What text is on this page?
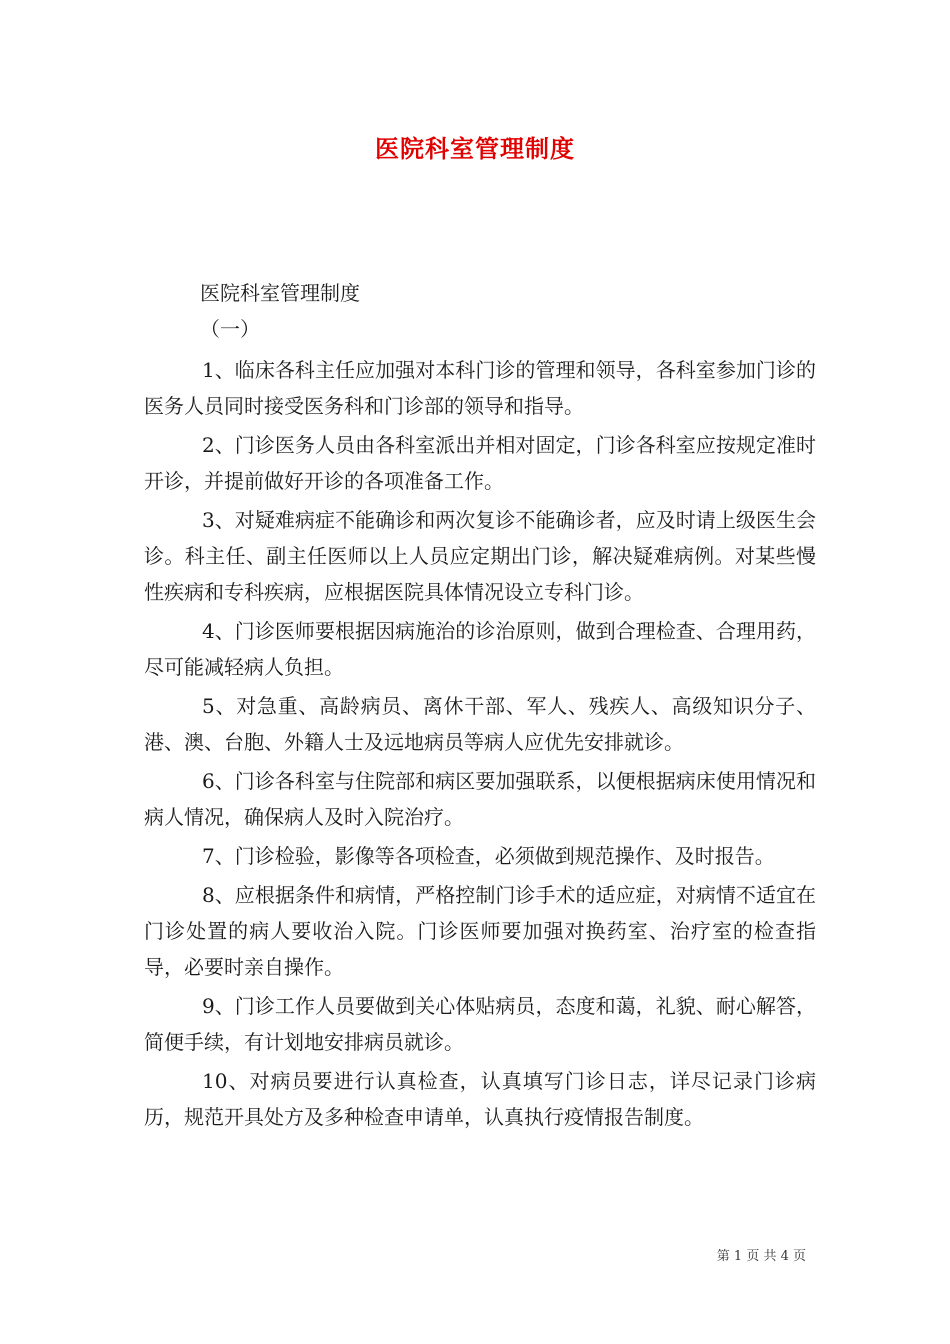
医院科室管理制度

医院科室管理制度

（一）

1、临床各科主任应加强对本科门诊的管理和领导，各科室参加门诊的医务人员同时接受医务科和门诊部的领导和指导。

2、门诊医务人员由各科室派出并相对固定，门诊各科室应按规定准时开诊，并提前做好开诊的各项准备工作。

3、对疑难病症不能确诊和两次复诊不能确诊者，应及时请上级医生会诊。科主任、副主任医师以上人员应定期出门诊，解决疑难病例。对某些慢性疾病和专科疾病，应根据医院具体情况设立专科门诊。

4、门诊医师要根据因病施治的诊治原则，做到合理检查、合理用药，尽可能减轻病人负担。

5、对急重、高龄病员、离休干部、军人、残疾人、高级知识分子、港、澳、台胞、外籍人士及远地病员等病人应优先安排就诊。

6、门诊各科室与住院部和病区要加强联系，以便根据病床使用情况和病人情况，确保病人及时入院治疗。

7、门诊检验，影像等各项检查，必须做到规范操作、及时报告。

8、应根据条件和病情，严格控制门诊手术的适应症，对病情不适宜在门诊处置的病人要收治入院。门诊医师要加强对换药室、治疗室的检查指导，必要时亲自操作。

9、门诊工作人员要做到关心体贴病员，态度和蔼，礼貌、耐心解答，简便手续，有计划地安排病员就诊。

10、对病员要进行认真检查，认真填写门诊日志，详尽记录门诊病历，规范开具处方及多种检查申请单，认真执行疫情报告制度。

第 1 页 共 4 页
